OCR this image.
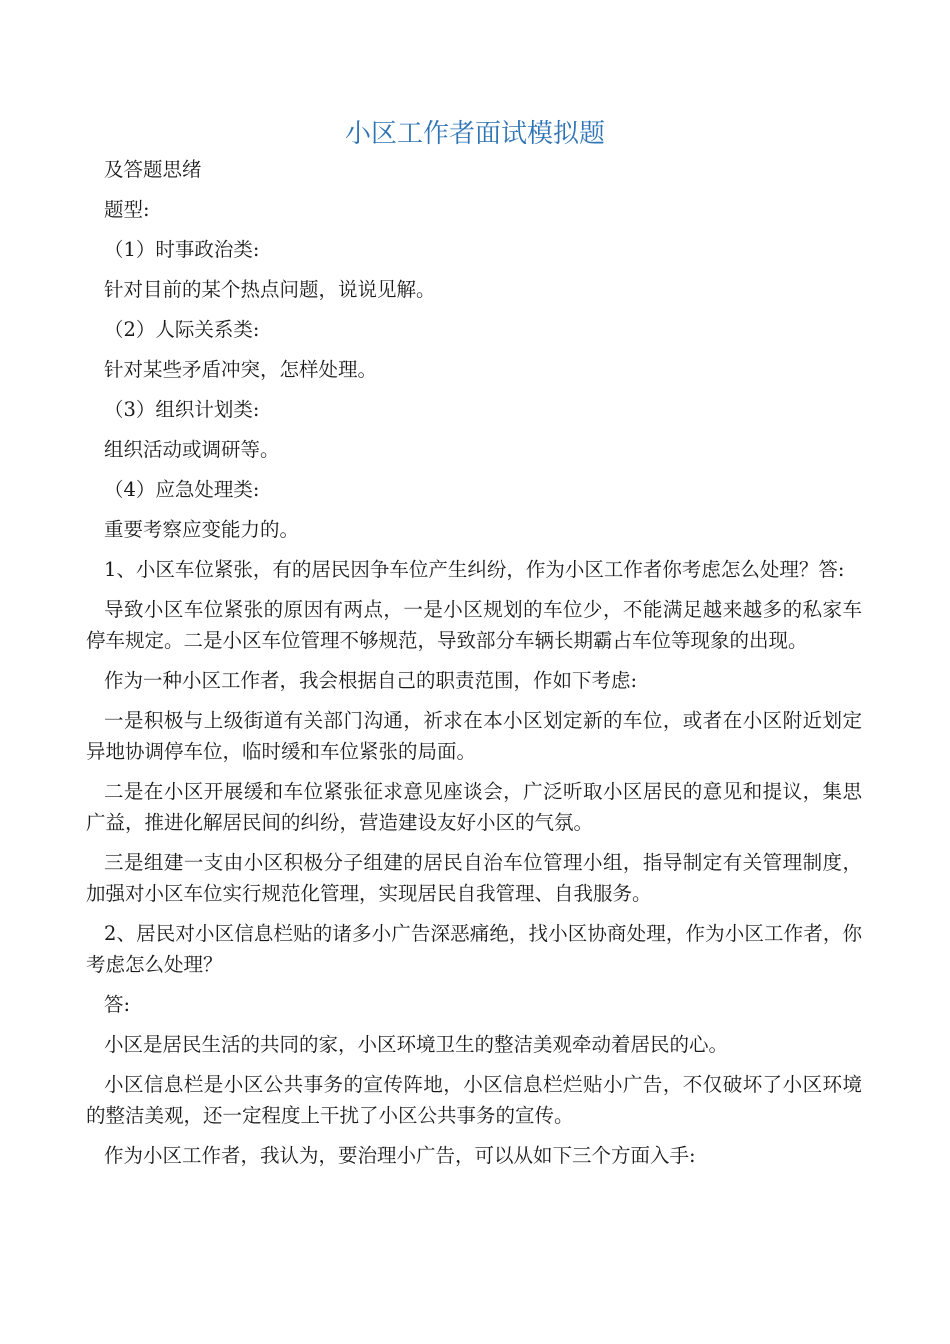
小区工作者面试模拟题

及答题思绪

题型:

（1）时事政治类:

针对目前的某个热点问题，说说见解。

（2）人际关系类:

针对某些矛盾冲突，怎样处理。

（3）组织计划类:

组织活动或调研等。

（4）应急处理类:

重要考察应变能力的。

1、小区车位紧张，有的居民因争车位产生纠纷，作为小区工作者你考虑怎么处理？答:

导致小区车位紧张的原因有两点，一是小区规划的车位少，不能满足越来越多的私家车停车规定。二是小区车位管理不够规范，导致部分车辆长期霸占车位等现象的出现。

作为一种小区工作者，我会根据自己的职责范围，作如下考虑:

一是积极与上级街道有关部门沟通，祈求在本小区划定新的车位，或者在小区附近划定异地协调停车位，临时缓和车位紧张的局面。

二是在小区开展缓和车位紧张征求意见座谈会，广泛听取小区居民的意见和提议，集思广益，推进化解居民间的纠纷，营造建设友好小区的气氛。

三是组建一支由小区积极分子组建的居民自治车位管理小组，指导制定有关管理制度，加强对小区车位实行规范化管理，实现居民自我管理、自我服务。

2、居民对小区信息栏贴的诸多小广告深恶痛绝，找小区协商处理，作为小区工作者，你考虑怎么处理？

答:

小区是居民生活的共同的家，小区环境卫生的整洁美观牵动着居民的心。

小区信息栏是小区公共事务的宣传阵地，小区信息栏烂贴小广告，不仅破坏了小区环境的整洁美观，还一定程度上干扰了小区公共事务的宣传。

作为小区工作者，我认为，要治理小广告，可以从如下三个方面入手:
